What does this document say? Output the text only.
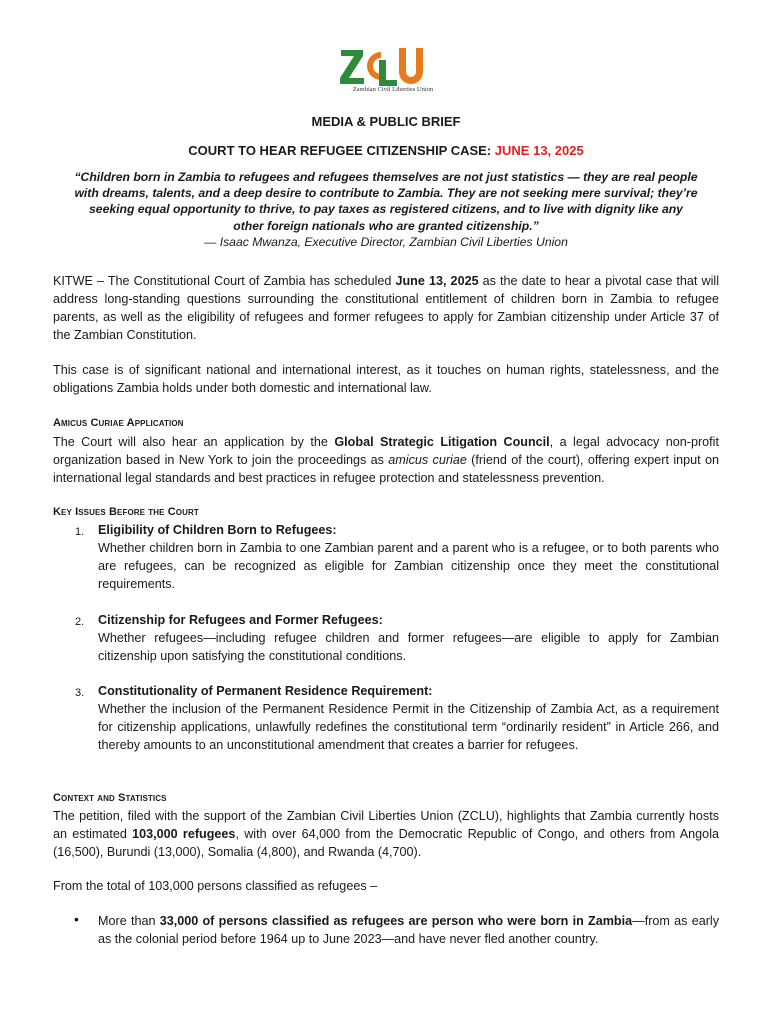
Zambian Civil Liberties Union
MEDIA & PUBLIC BRIEF
COURT TO HEAR REFUGEE CITIZENSHIP CASE: JUNE 13, 2025
“Children born in Zambia to refugees and refugees themselves are not just statistics — they are real people with dreams, talents, and a deep desire to contribute to Zambia. They are not seeking mere survival; they’re seeking equal opportunity to thrive, to pay taxes as registered citizens, and to live with dignity like any other foreign nationals who are granted citizenship.”
— Isaac Mwanza, Executive Director, Zambian Civil Liberties Union

KITWE – The Constitutional Court of Zambia has scheduled June 13, 2025 as the date to hear a pivotal case that will address long-standing questions surrounding the constitutional entitlement of children born in Zambia to refugee parents, as well as the eligibility of refugees and former refugees to apply for Zambian citizenship under Article 37 of the Zambian Constitution.

This case is of significant national and international interest, as it touches on human rights, statelessness, and the obligations Zambia holds under both domestic and international law.

Amicus Curiae Application

The Court will also hear an application by the Global Strategic Litigation Council, a legal advocacy non-profit organization based in New York to join the proceedings as amicus curiae (friend of the court), offering expert input on international legal standards and best practices in refugee protection and statelessness prevention.

Key Issues Before the Court
1. Eligibility of Children Born to Refugees:
Whether children born in Zambia to one Zambian parent and a parent who is a refugee, or to both parents who are refugees, can be recognized as eligible for Zambian citizenship once they meet the constitutional requirements.
2. Citizenship for Refugees and Former Refugees:
Whether refugees—including refugee children and former refugees—are eligible to apply for Zambian citizenship upon satisfying the constitutional conditions.
3. Constitutionality of Permanent Residence Requirement:
Whether the inclusion of the Permanent Residence Permit in the Citizenship of Zambia Act, as a requirement for citizenship applications, unlawfully redefines the constitutional term “ordinarily resident” in Article 266, and thereby amounts to an unconstitutional amendment that creates a barrier for refugees.
Context and Statistics

The petition, filed with the support of the Zambian Civil Liberties Union (ZCLU), highlights that Zambia currently hosts an estimated 103,000 refugees, with over 64,000 from the Democratic Republic of Congo, and others from Angola (16,500), Burundi (13,000), Somalia (4,800), and Rwanda (4,700).

From the total of 103,000 persons classified as refugees –

• More than 33,000 of persons classified as refugees are person who were born in Zambia—from as early as the colonial period before 1964 up to June 2023—and have never fled another country.
